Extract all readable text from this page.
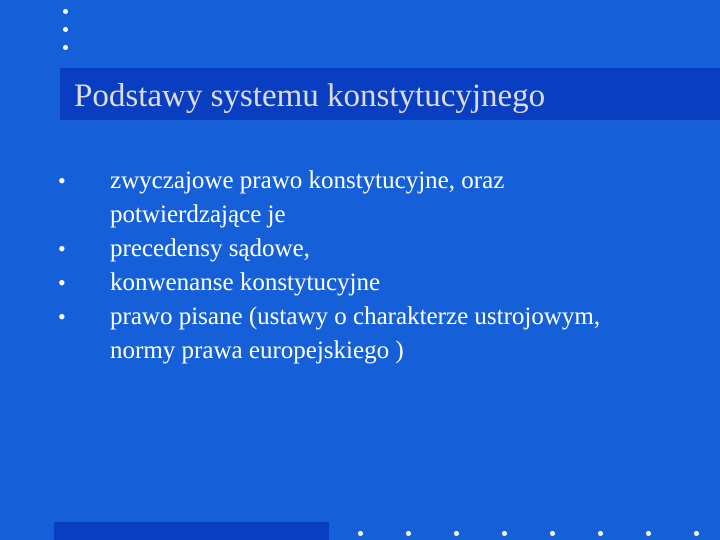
Podstawy systemu konstytucyjnego
• zwyczajowe prawo konstytucyjne, oraz potwierdzające je
• precedensy sądowe,
• konwenanse konstytucyjne
• prawo pisane (ustawy o charakterze ustrojowym, normy prawa europejskiego )
